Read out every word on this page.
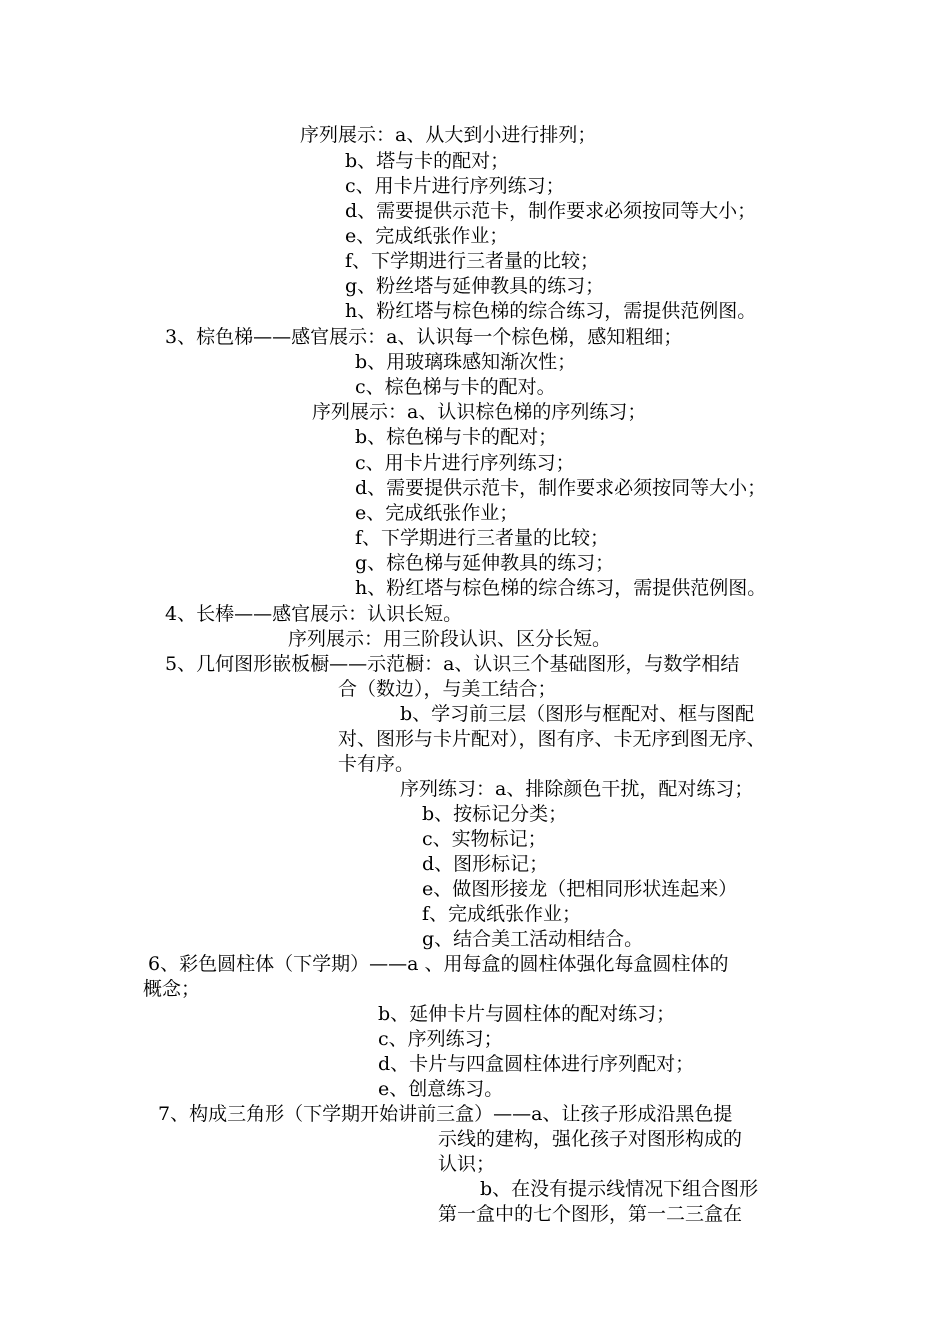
序列展示：a、从大到小进行排列；
b、塔与卡的配对；
c、用卡片进行序列练习；
d、需要提供示范卡，制作要求必须按同等大小；
e、完成纸张作业；
f、下学期进行三者量的比较；
g、粉丝塔与延伸教具的练习；
h、粉红塔与棕色梯的综合练习，需提供范例图。
3、棕色梯——感官展示：a、认识每一个棕色梯，感知粗细；
b、用玻璃珠感知渐次性；
c、棕色梯与卡的配对。
序列展示：a、认识棕色梯的序列练习；
b、棕色梯与卡的配对；
c、用卡片进行序列练习；
d、需要提供示范卡，制作要求必须按同等大小；
e、完成纸张作业；
f、下学期进行三者量的比较；
g、棕色梯与延伸教具的练习；
h、粉红塔与棕色梯的综合练习，需提供范例图。
4、长棒——感官展示：认识长短。
序列展示：用三阶段认识、区分长短。
5、几何图形嵌板橱——示范橱：a、认识三个基础图形，与数学相结
合（数边），与美工结合；
b、学习前三层（图形与框配对、框与图配
对、图形与卡片配对），图有序、卡无序到图无序、
卡有序。
序列练习：a、排除颜色干扰，配对练习；
b、按标记分类；
c、实物标记；
d、图形标记；
e、做图形接龙（把相同形状连起来）
f、完成纸张作业；
g、结合美工活动相结合。
6、彩色圆柱体（下学期）——a 、用每盒的圆柱体强化每盒圆柱体的
概念；
b、延伸卡片与圆柱体的配对练习；
c、序列练习；
d、卡片与四盒圆柱体进行序列配对；
e、创意练习。
7、构成三角形（下学期开始讲前三盒）——a、让孩子形成沿黑色提
示线的建构，强化孩子对图形构成的
认识；
b、在没有提示线情况下组合图形
第一盒中的七个图形，第一二三盒在
